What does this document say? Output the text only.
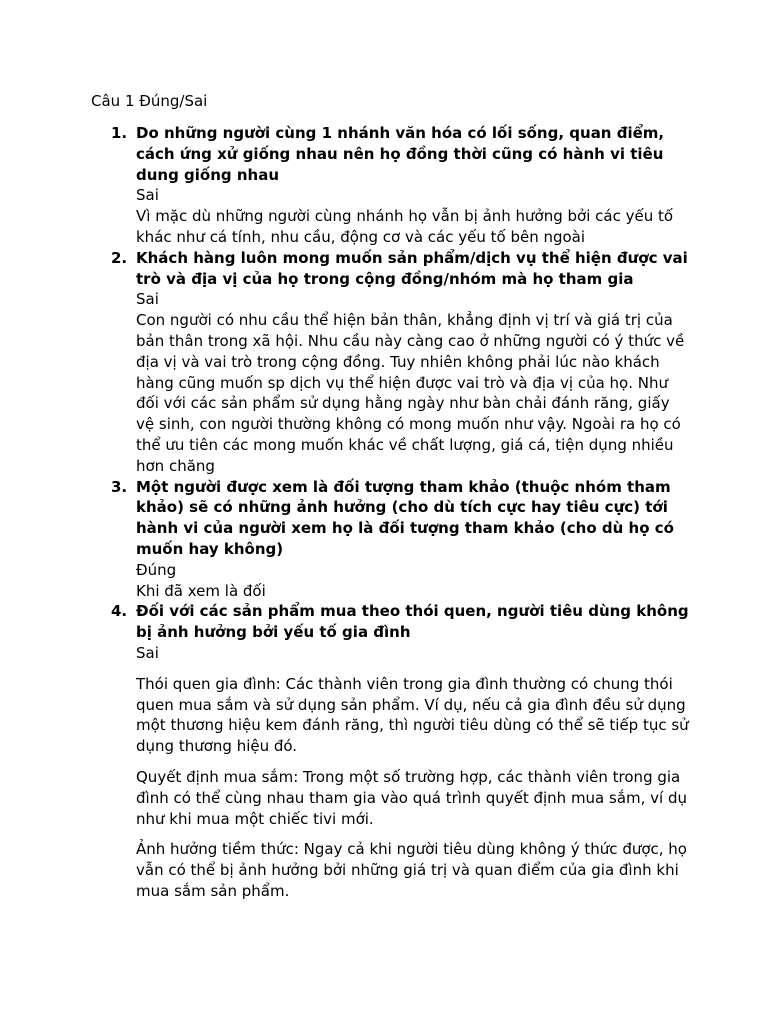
Câu 1 Đúng/Sai
1. Do những người cùng 1 nhánh văn hóa có lối sống, quan điểm, cách ứng xử giống nhau nên họ đồng thời cũng có hành vi tiêu dung giống nhau

Sai

Vì mặc dù những người cùng nhánh họ vẫn bị ảnh hưởng bởi các yếu tố khác như cá tính, nhu cầu, động cơ và các yếu tố bên ngoài

2. Khách hàng luôn mong muốn sản phẩm/dịch vụ thể hiện được vai trò và địa vị của họ trong cộng đồng/nhóm mà họ tham gia

Sai

Con người có nhu cầu thể hiện bản thân, khẳng định vị trí và giá trị của bản thân trong xã hội. Nhu cầu này càng cao ở những người có ý thức về địa vị và vai trò trong cộng đồng. Tuy nhiên không phải lúc nào khách hàng cũng muốn sp dịch vụ thể hiện được vai trò và địa vị của họ. Như đối với các sản phẩm sử dụng hằng ngày như bàn chải đánh răng, giấy vệ sinh, con người thường không có mong muốn như vậy. Ngoài ra họ có thể ưu tiên các mong muốn khác về chất lượng, giá cá, tiện dụng nhiều hơn chăng

3. Một người được xem là đối tượng tham khảo (thuộc nhóm tham khảo) sẽ có những ảnh hưởng (cho dù tích cực hay tiêu cực) tới hành vi của người xem họ là đối tượng tham khảo (cho dù họ có muốn hay không)

Đúng

Khi đã xem là đối

4. Đối với các sản phẩm mua theo thói quen, người tiêu dùng không bị ảnh hưởng bởi yếu tố gia đình

Sai

Thói quen gia đình: Các thành viên trong gia đình thường có chung thói quen mua sắm và sử dụng sản phẩm. Ví dụ, nếu cả gia đình đều sử dụng một thương hiệu kem đánh răng, thì người tiêu dùng có thể sẽ tiếp tục sử dụng thương hiệu đó.

Quyết định mua sắm: Trong một số trường hợp, các thành viên trong gia đình có thể cùng nhau tham gia vào quá trình quyết định mua sắm, ví dụ như khi mua một chiếc tivi mới.

Ảnh hưởng tiềm thức: Ngay cả khi người tiêu dùng không ý thức được, họ vẫn có thể bị ảnh hưởng bởi những giá trị và quan điểm của gia đình khi mua sắm sản phẩm.
